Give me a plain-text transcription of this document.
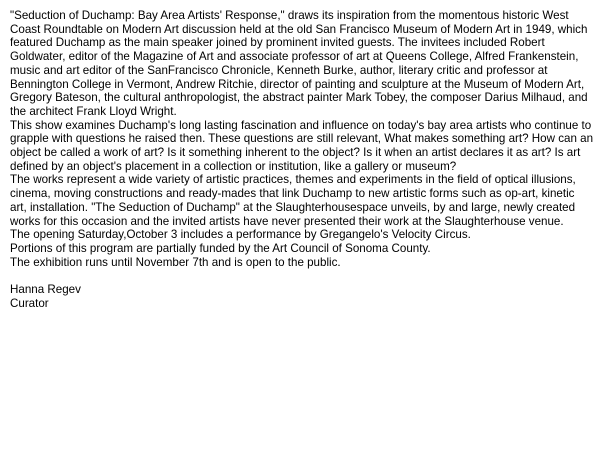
"Seduction of Duchamp: Bay Area Artists' Response," draws its inspiration from the momentous historic West Coast Roundtable on Modern Art discussion held at the old San Francisco Museum of Modern Art in 1949, which featured Duchamp as the main speaker joined by prominent invited guests. The invitees included Robert Goldwater, editor of the Magazine of Art and associate professor of art at Queens College, Alfred Frankenstein, music and art editor of the SanFrancisco Chronicle, Kenneth Burke, author, literary critic and professor at Bennington College in Vermont, Andrew Ritchie, director of painting and sculpture at the Museum of Modern Art, Gregory Bateson, the cultural anthropologist, the abstract painter Mark Tobey, the composer Darius Milhaud, and the architect Frank Lloyd Wright.

This show examines Duchamp's long lasting fascination and influence on today's bay area artists who continue to grapple with questions he raised then. These questions are still relevant, What makes something art? How can an object be called a work of art? Is it something inherent to the object? Is it when an artist declares it as art? Is art defined by an object's placement in a collection or institution, like a gallery or museum?

The works represent a wide variety of artistic practices, themes and experiments in the field of optical illusions, cinema, moving constructions and ready-mades that link Duchamp to new artistic forms such as op-art, kinetic art, installation. "The Seduction of Duchamp" at the Slaughterhousespace unveils, by and large, newly created works for this occasion and the invited artists have never presented their work at the Slaughterhouse venue.

The opening Saturday,October 3 includes a performance by Gregangelo's Velocity Circus.

Portions of this program are partially funded by the Art Council of Sonoma County.

The exhibition runs until November 7th and is open to the public.

Hanna Regev

Curator
